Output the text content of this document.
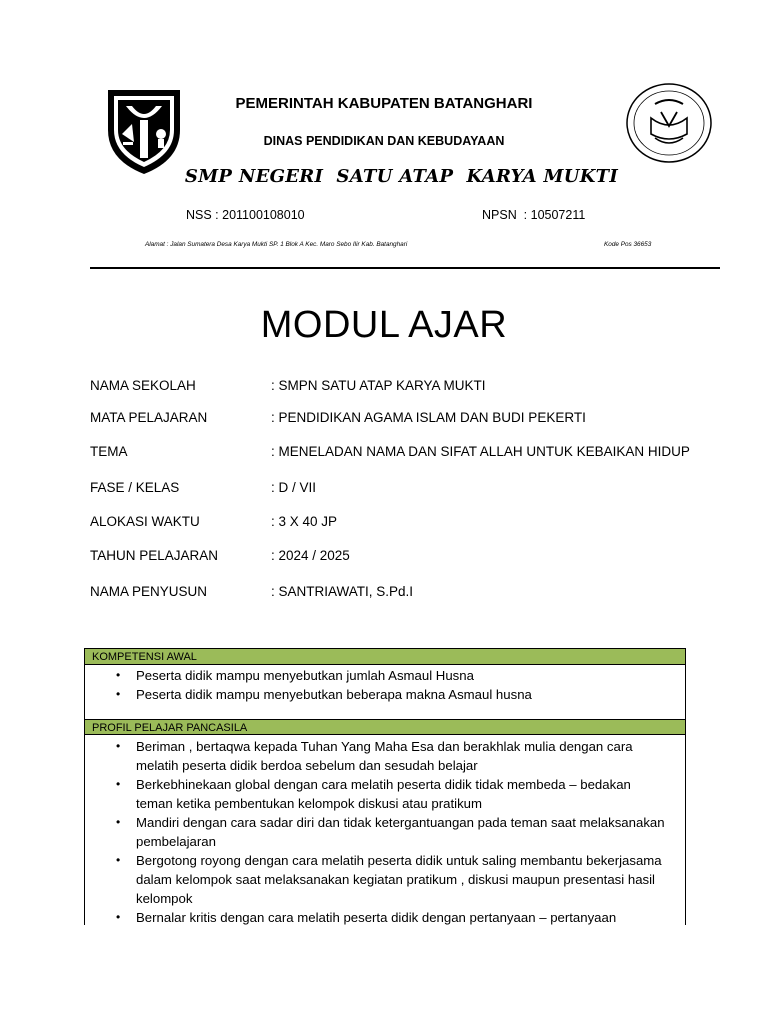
PEMERINTAH KABUPATEN BATANGHARI
DINAS PENDIDIKAN DAN KEBUDAYAAN
SMP NEGERI  SATU ATAP  KARYA MUKTI
NSS : 201100108010	NPSN  : 10507211
Alamat : Jalan Sumatera Desa Karya Mukti SP. 1 Blok A Kec. Maro Sebo Ilir Kab. Batanghari	Kode Pos 36653
MODUL AJAR
NAMA SEKOLAH	: SMPN SATU ATAP KARYA MUKTI
MATA PELAJARAN	: PENDIDIKAN AGAMA ISLAM DAN BUDI PEKERTI
TEMA	: MENELADAN NAMA DAN SIFAT ALLAH UNTUK KEBAIKAN HIDUP
FASE / KELAS	: D / VII
ALOKASI WAKTU	: 3 X 40 JP
TAHUN PELAJARAN	: 2024 / 2025
NAMA PENYUSUN	: SANTRIAWATI, S.Pd.I
KOMPETENSI AWAL
• Peserta didik mampu menyebutkan jumlah Asmaul Husna
• Peserta didik mampu menyebutkan beberapa makna Asmaul husna
PROFIL PELAJAR PANCASILA
• Beriman , bertaqwa kepada Tuhan Yang Maha Esa dan berakhlak mulia dengan cara melatih peserta didik berdoa sebelum dan sesudah belajar
• Berkebhinekaan global dengan cara melatih peserta didik tidak membeda – bedakan teman ketika pembentukan kelompok diskusi atau pratikum
• Mandiri dengan cara sadar diri dan tidak ketergantuangan pada teman saat melaksanakan pembelajaran
• Bergotong royong dengan cara melatih peserta didik untuk saling membantu bekerjasama dalam kelompok saat melaksanakan kegiatan pratikum , diskusi maupun presentasi hasil kelompok
• Bernalar kritis dengan cara melatih peserta didik dengan pertanyaan – pertanyaan
